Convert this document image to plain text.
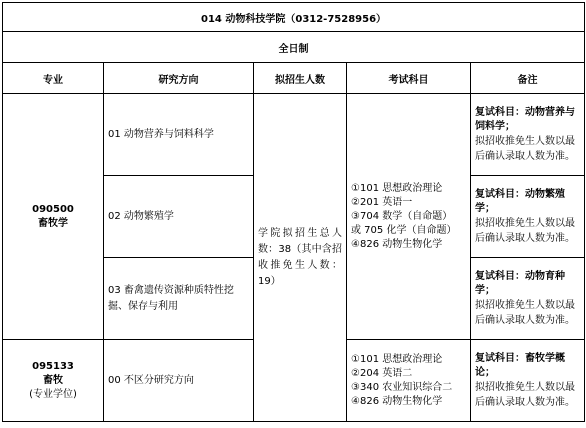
014 动物科技学院（0312-7528956）				
全日制				
专业	研究方向	拟招生人数	考试科目	备注

090500
畜牧学	01 动物营养与饲料科学	学院拟招生总人数：38（其中含招收推免生人数：19）	①101 思想政治理论
②201 英语一
③704 数学（自命题）
或 705 化学（自命题）
④826 动物生物化学	复试科目：动物营养与饲料学；
拟招收推免生人数以最后确认录取人数为准。

	02 动物繁殖学			复试科目：动物繁殖学；
拟招收推免生人数以最后确认录取人数为准。

	03 畜禽遗传资源种质特性挖掘、保存与利用			复试科目：动物育种学；
拟招收推免生人数以最后确认录取人数为准。

095133
畜牧
(专业学位)	00 不区分研究方向		①101 思想政治理论
②204 英语二
③340 农业知识综合二
④826 动物生物化学	复试科目：畜牧学概论；
拟招收推免生人数以最后确认录取人数为准。
